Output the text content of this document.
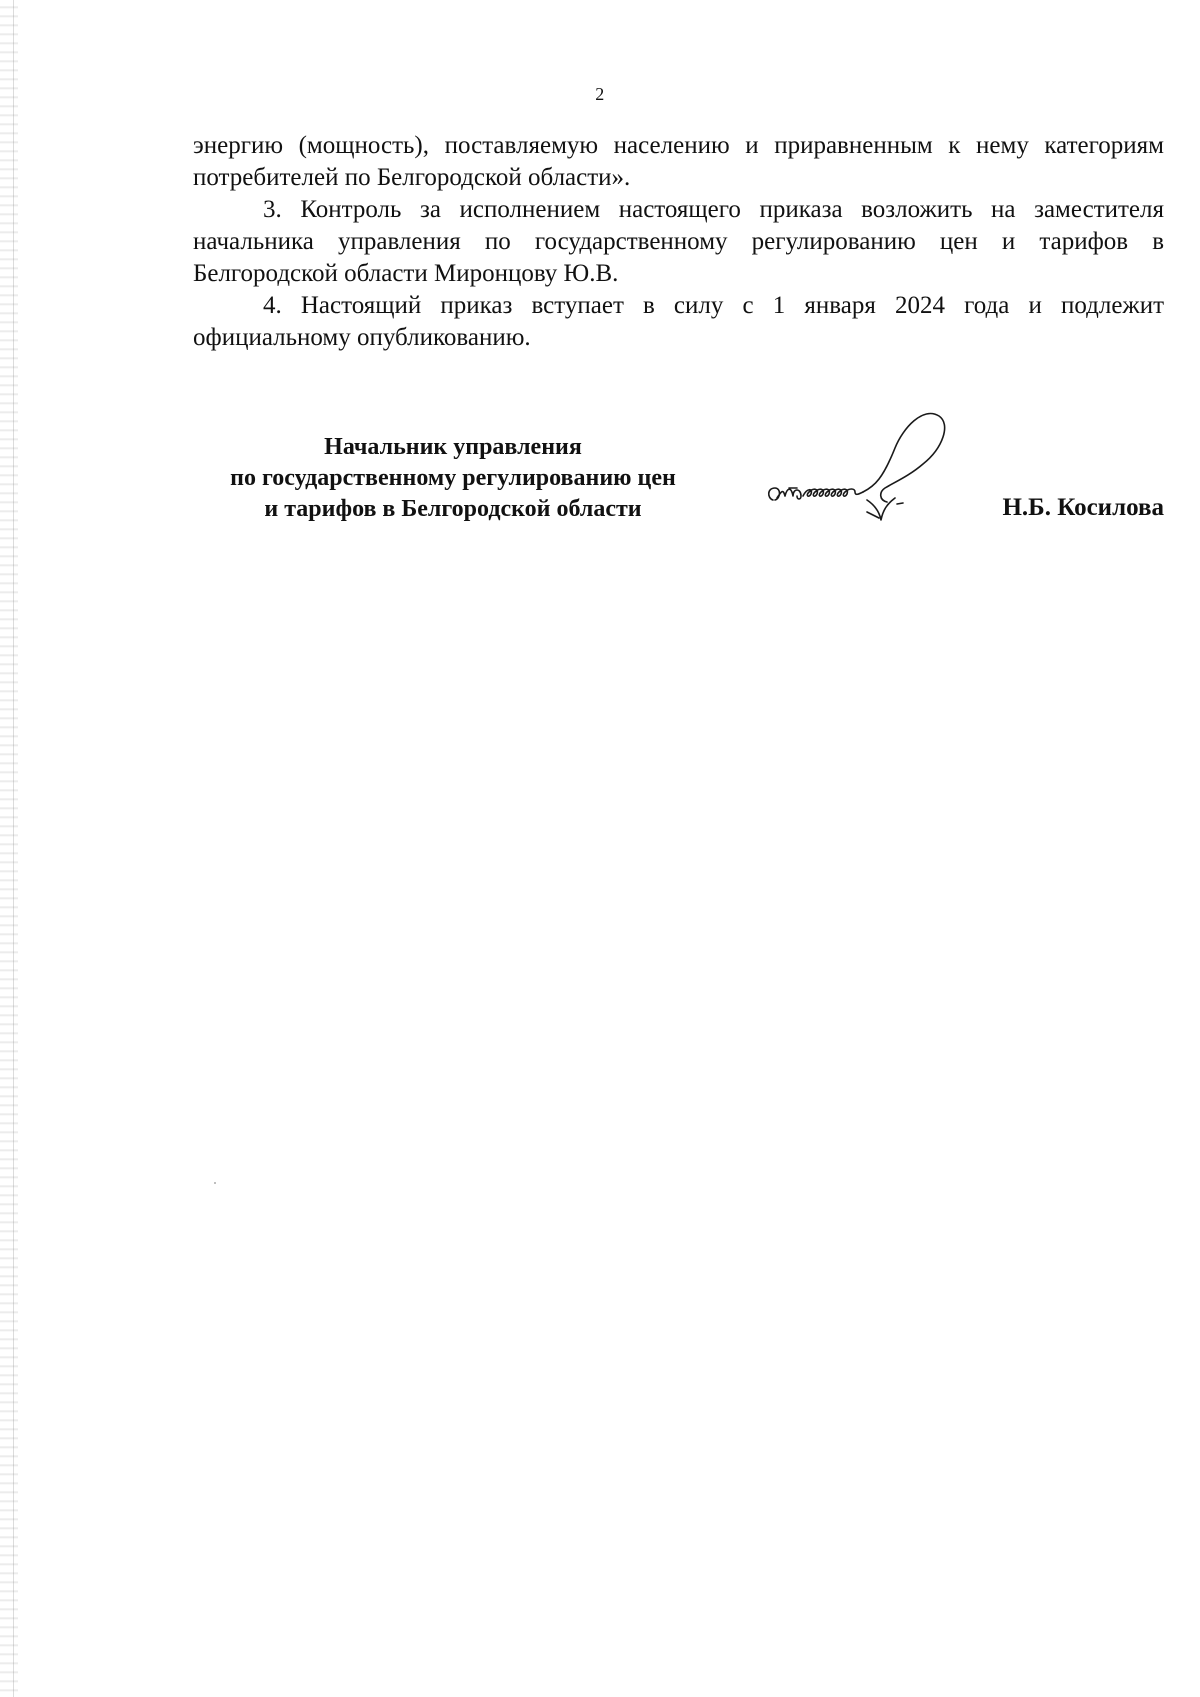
2

энергию (мощность), поставляемую населению и приравненным к нему категориям потребителей по Белгородской области».

3. Контроль за исполнением настоящего приказа возложить на заместителя начальника управления по государственному регулированию цен и тарифов в Белгородской области Миронцову Ю.В.

4. Настоящий приказ вступает в силу с 1 января 2024 года и подлежит официальному опубликованию.

Начальник управления
по государственному регулированию цен
и тарифов в Белгородской области	Н.Б. Косилова
